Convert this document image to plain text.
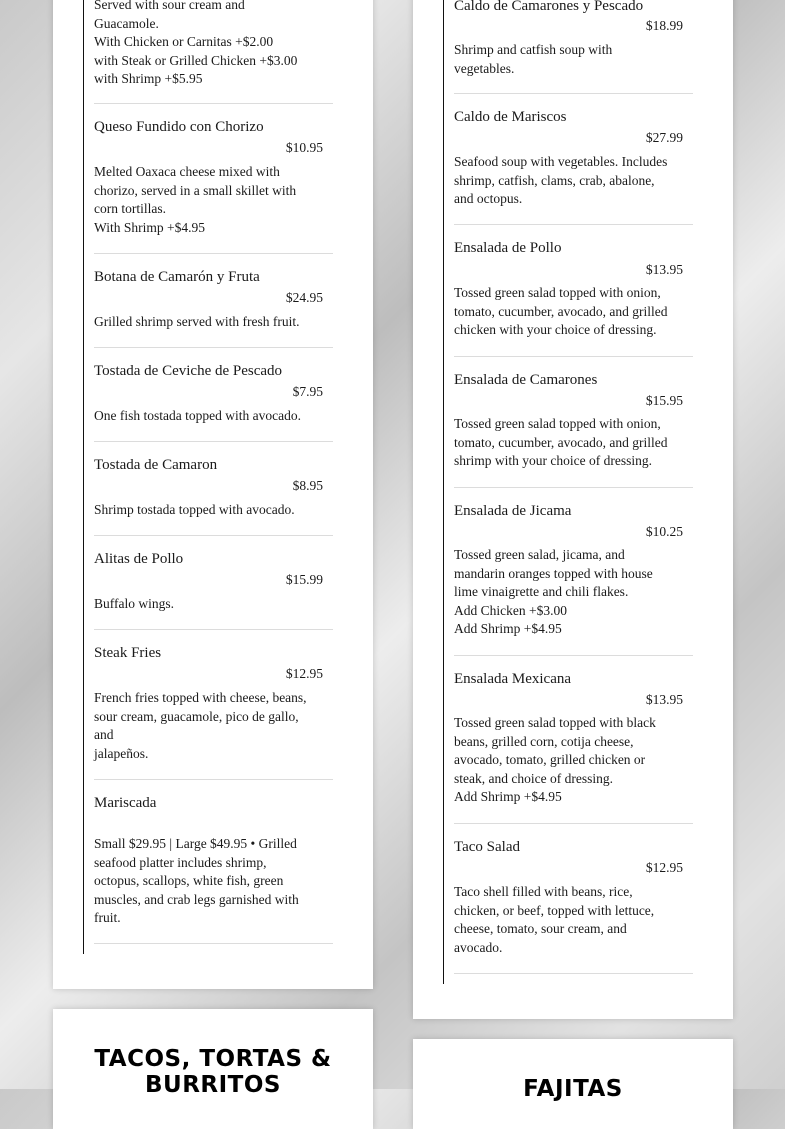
Served with sour cream and
Guacamole.
With Chicken or Carnitas +$2.00
with Steak or Grilled Chicken +$3.00
with Shrimp +$5.95
Queso Fundido con Chorizo
$10.95
Melted Oaxaca cheese mixed with
chorizo, served in a small skillet with
corn tortillas.
With Shrimp +$4.95
Botana de Camarón y Fruta
$24.95
Grilled shrimp served with fresh fruit.
Tostada de Ceviche de Pescado
$7.95
One fish tostada topped with avocado.
Tostada de Camaron
$8.95
Shrimp tostada topped with avocado.
Alitas de Pollo
$15.99
Buffalo wings.
Steak Fries
$12.95
French fries topped with cheese, beans,
sour cream, guacamole, pico de gallo,
and
jalapeños.
Mariscada
Small $29.95 | Large $49.95 • Grilled
seafood platter includes shrimp,
octopus, scallops, white fish, green
muscles, and crab legs garnished with
fruit.
Caldo de Camarones y Pescado
$18.99
Shrimp and catfish soup with
vegetables.
Caldo de Mariscos
$27.99
Seafood soup with vegetables. Includes
shrimp, catfish, clams, crab, abalone,
and octopus.
Ensalada de Pollo
$13.95
Tossed green salad topped with onion,
tomato, cucumber, avocado, and grilled
chicken with your choice of dressing.
Ensalada de Camarones
$15.95
Tossed green salad topped with onion,
tomato, cucumber, avocado, and grilled
shrimp with your choice of dressing.
Ensalada de Jicama
$10.25
Tossed green salad, jicama, and
mandarin oranges topped with house
lime vinaigrette and chili flakes.
Add Chicken +$3.00
Add Shrimp +$4.95
Ensalada Mexicana
$13.95
Tossed green salad topped with black
beans, grilled corn, cotija cheese,
avocado, tomato, grilled chicken or
steak, and choice of dressing.
Add Shrimp +$4.95
Taco Salad
$12.95
Taco shell filled with beans, rice,
chicken, or beef, topped with lettuce,
cheese, tomato, sour cream, and
avocado.
TACOS, TORTAS & BURRITOS	FAJITAS
